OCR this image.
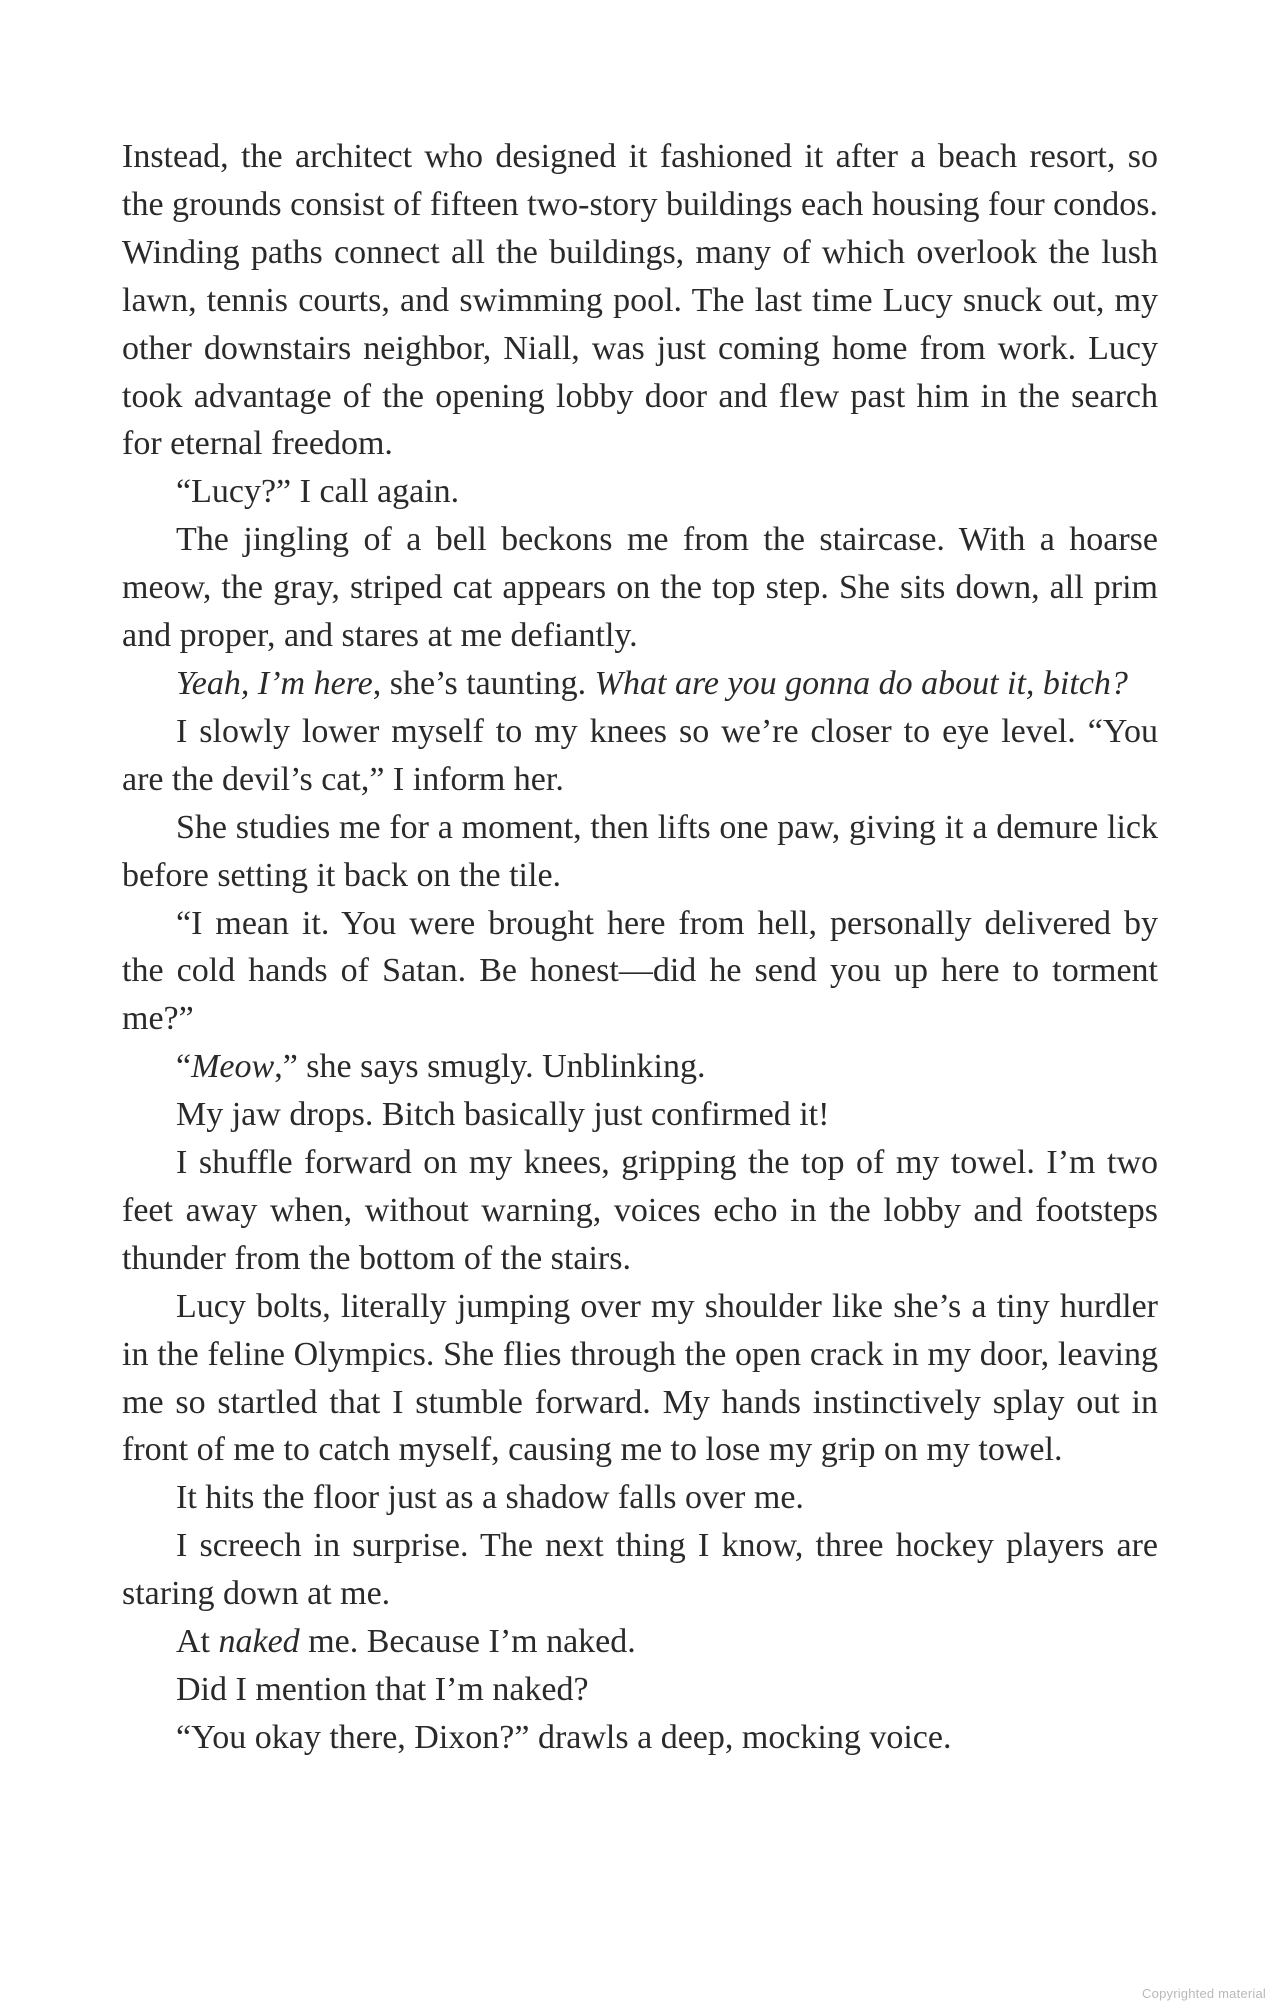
Instead, the architect who designed it fashioned it after a beach resort, so the grounds consist of fifteen two-story buildings each housing four condos. Winding paths connect all the buildings, many of which overlook the lush lawn, tennis courts, and swimming pool. The last time Lucy snuck out, my other downstairs neighbor, Niall, was just coming home from work. Lucy took advantage of the opening lobby door and flew past him in the search for eternal freedom.

“Lucy?” I call again.

The jingling of a bell beckons me from the staircase. With a hoarse meow, the gray, striped cat appears on the top step. She sits down, all prim and proper, and stares at me defiantly.

Yeah, I’m here, she’s taunting. What are you gonna do about it, bitch?

I slowly lower myself to my knees so we’re closer to eye level. “You are the devil’s cat,” I inform her.

She studies me for a moment, then lifts one paw, giving it a demure lick before setting it back on the tile.

“I mean it. You were brought here from hell, personally delivered by the cold hands of Satan. Be honest—did he send you up here to torment me?”

“Meow,” she says smugly. Unblinking.

My jaw drops. Bitch basically just confirmed it!

I shuffle forward on my knees, gripping the top of my towel. I’m two feet away when, without warning, voices echo in the lobby and footsteps thunder from the bottom of the stairs.

Lucy bolts, literally jumping over my shoulder like she’s a tiny hurdler in the feline Olympics. She flies through the open crack in my door, leaving me so startled that I stumble forward. My hands instinctively splay out in front of me to catch myself, causing me to lose my grip on my towel.

It hits the floor just as a shadow falls over me.

I screech in surprise. The next thing I know, three hockey players are staring down at me.

At naked me. Because I’m naked.

Did I mention that I’m naked?

“You okay there, Dixon?” drawls a deep, mocking voice.

Copyrighted material
